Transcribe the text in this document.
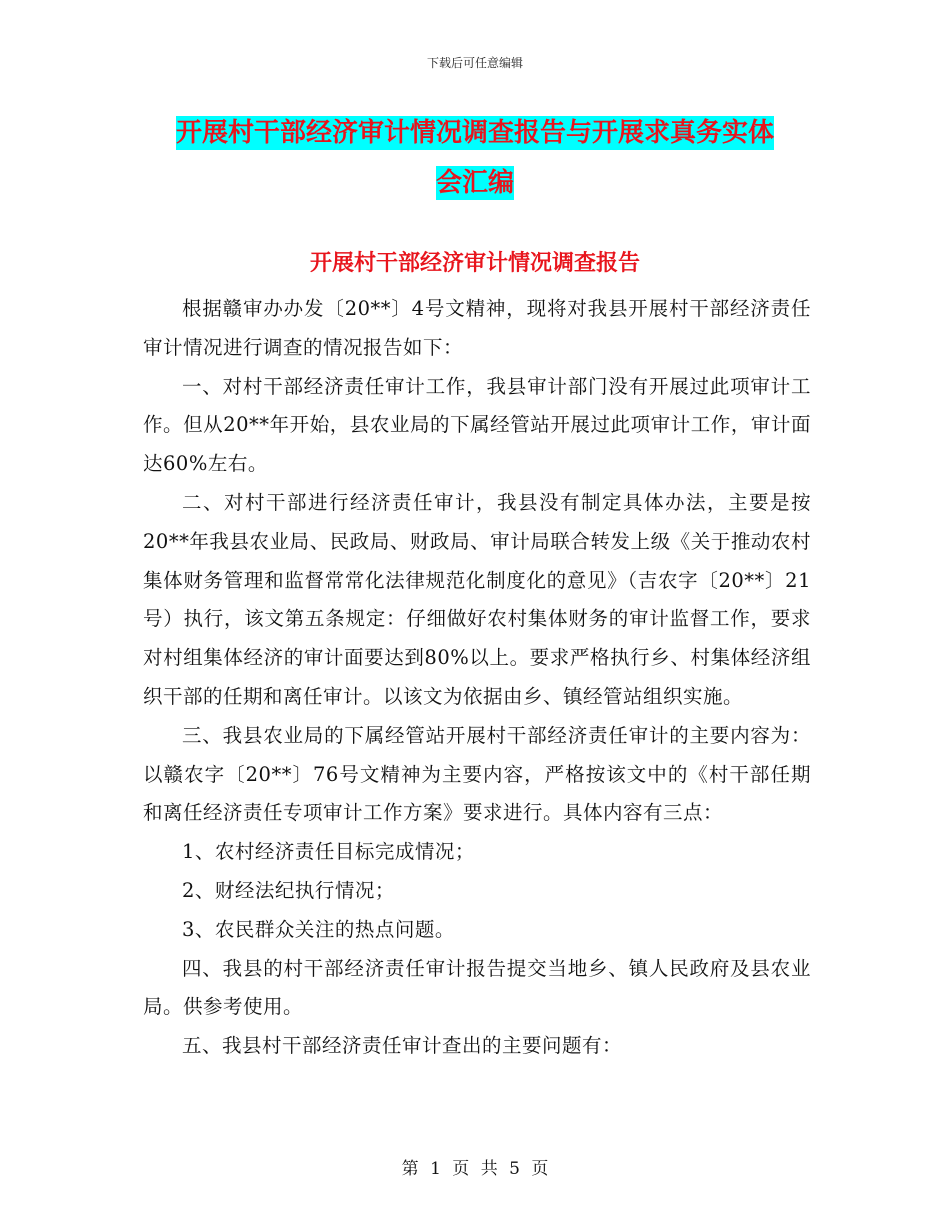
下载后可任意编辑
开展村干部经济审计情况调查报告与开展求真务实体
会汇编
开展村干部经济审计情况调查报告

根据赣审办办发〔20**〕4号文精神，现将对我县开展村干部经济责任审计情况进行调查的情况报告如下：

一、对村干部经济责任审计工作，我县审计部门没有开展过此项审计工作。但从20**年开始，县农业局的下属经管站开展过此项审计工作，审计面达60%左右。

二、对村干部进行经济责任审计，我县没有制定具体办法，主要是按20**年我县农业局、民政局、财政局、审计局联合转发上级《关于推动农村集体财务管理和监督常常化法律规范化制度化的意见》（吉农字〔20**〕21号）执行，该文第五条规定：仔细做好农村集体财务的审计监督工作，要求对村组集体经济的审计面要达到80%以上。要求严格执行乡、村集体经济组织干部的任期和离任审计。以该文为依据由乡、镇经管站组织实施。

三、我县农业局的下属经管站开展村干部经济责任审计的主要内容为：以赣农字〔20**〕76号文精神为主要内容，严格按该文中的《村干部任期和离任经济责任专项审计工作方案》要求进行。具体内容有三点：

1、农村经济责任目标完成情况；

2、财经法纪执行情况；

3、农民群众关注的热点问题。

四、我县的村干部经济责任审计报告提交当地乡、镇人民政府及县农业局。供参考使用。

五、我县村干部经济责任审计查出的主要问题有：

第 1 页 共 5 页
